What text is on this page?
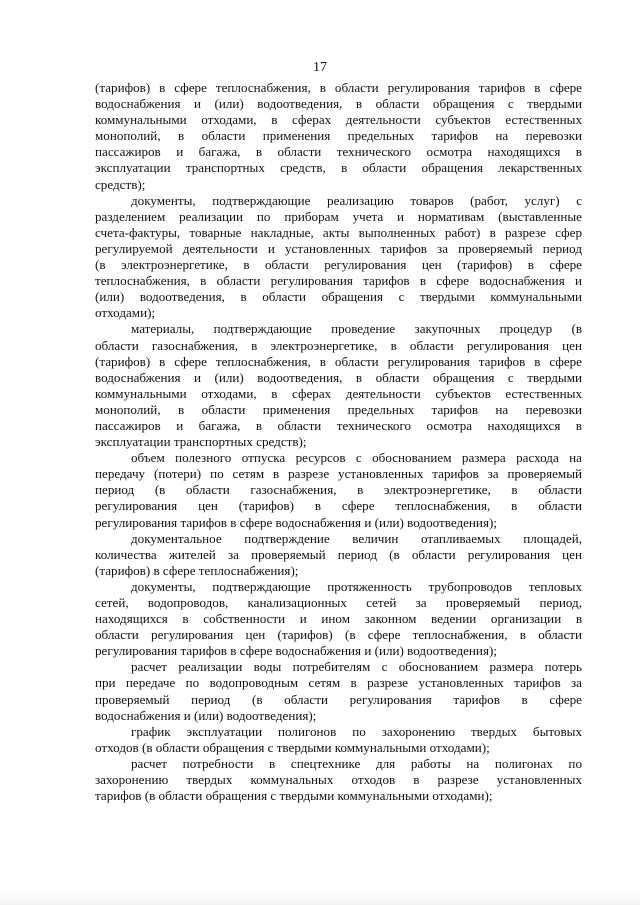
17

(тарифов) в сфере теплоснабжения, в области регулирования тарифов в сфере
водоснабжения и (или) водоотведения, в области обращения с твердыми
коммунальными отходами, в сферах деятельности субъектов естественных
монополий, в области применения предельных тарифов на перевозки
пассажиров и багажа, в области технического осмотра находящихся в
эксплуатации транспортных средств, в области обращения лекарственных
средств);

документы, подтверждающие реализацию товаров (работ, услуг) с
разделением реализации по приборам учета и нормативам (выставленные
счета-фактуры, товарные накладные, акты выполненных работ) в разрезе сфер
регулируемой деятельности и установленных тарифов за проверяемый период
(в электроэнергетике, в области регулирования цен (тарифов) в сфере
теплоснабжения, в области регулирования тарифов в сфере водоснабжения и
(или) водоотведения, в области обращения с твердыми коммунальными
отходами);

материалы, подтверждающие проведение закупочных процедур (в
области газоснабжения, в электроэнергетике, в области регулирования цен
(тарифов) в сфере теплоснабжения, в области регулирования тарифов в сфере
водоснабжения и (или) водоотведения, в области обращения с твердыми
коммунальными отходами, в сферах деятельности субъектов естественных
монополий, в области применения предельных тарифов на перевозки
пассажиров и багажа, в области технического осмотра находящихся в
эксплуатации транспортных средств);

объем полезного отпуска ресурсов с обоснованием размера расхода на
передачу (потери) по сетям в разрезе установленных тарифов за проверяемый
период (в области газоснабжения, в электроэнергетике, в области
регулирования цен (тарифов) в сфере теплоснабжения, в области
регулирования тарифов в сфере водоснабжения и (или) водоотведения);

документальное подтверждение величин отапливаемых площадей,
количества жителей за проверяемый период (в области регулирования цен
(тарифов) в сфере теплоснабжения);

документы, подтверждающие протяженность трубопроводов тепловых
сетей, водопроводов, канализационных сетей за проверяемый период,
находящихся в собственности и ином законном ведении организации в
области регулирования цен (тарифов) (в сфере теплоснабжения, в области
регулирования тарифов в сфере водоснабжения и (или) водоотведения);

расчет реализации воды потребителям с обоснованием размера потерь
при передаче по водопроводным сетям в разрезе установленных тарифов за
проверяемый период (в области регулирования тарифов в сфере
водоснабжения и (или) водоотведения);

график эксплуатации полигонов по захоронению твердых бытовых
отходов (в области обращения с твердыми коммунальными отходами);

расчет потребности в спецтехнике для работы на полигонах по
захоронению твердых коммунальных отходов в разрезе установленных
тарифов (в области обращения с твердыми коммунальными отходами);
